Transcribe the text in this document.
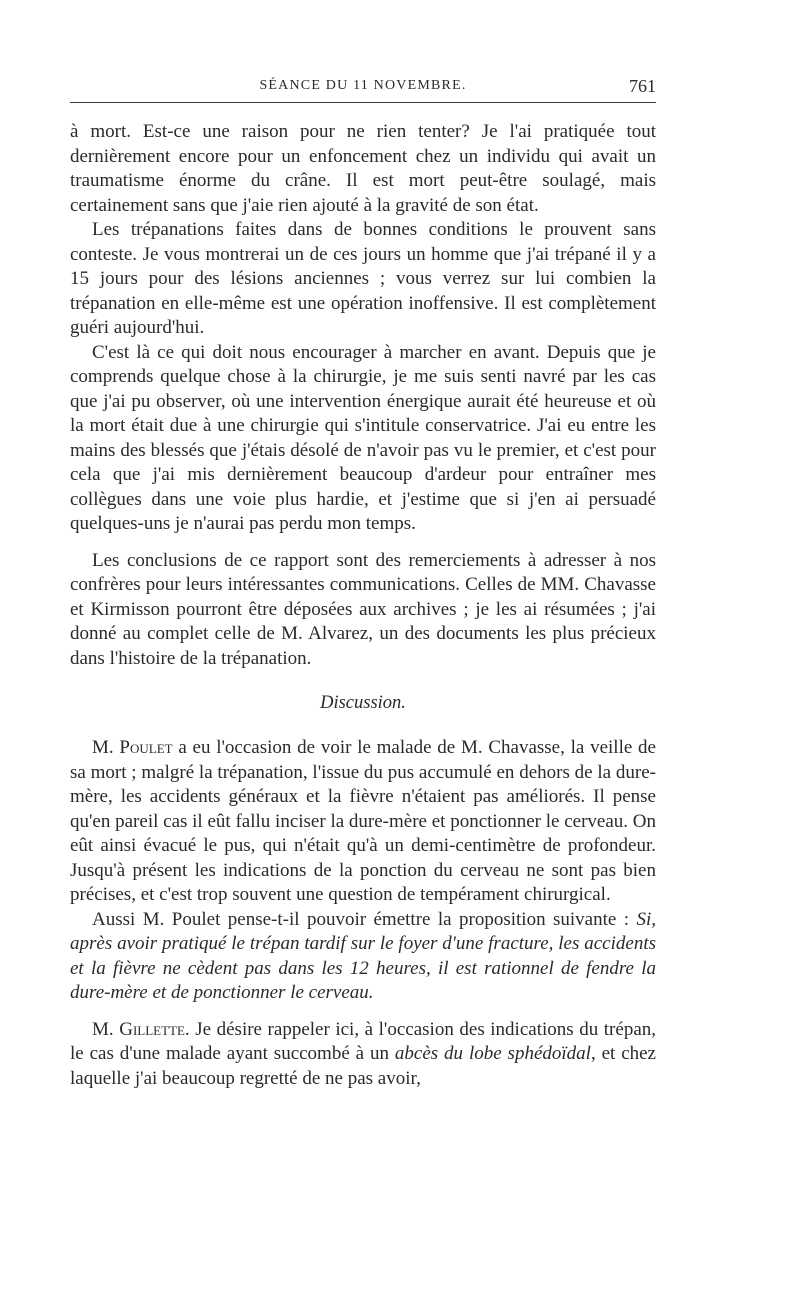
SÉANCE DU 11 NOVEMBRE.	761

à mort. Est-ce une raison pour ne rien tenter? Je l'ai pratiquée tout dernièrement encore pour un enfoncement chez un individu qui avait un traumatisme énorme du crâne. Il est mort peut-être soulagé, mais certainement sans que j'aie rien ajouté à la gravité de son état.

Les trépanations faites dans de bonnes conditions le prouvent sans conteste. Je vous montrerai un de ces jours un homme que j'ai trépané il y a 15 jours pour des lésions anciennes ; vous verrez sur lui combien la trépanation en elle-même est une opération inoffensive. Il est complètement guéri aujourd'hui.

C'est là ce qui doit nous encourager à marcher en avant. Depuis que je comprends quelque chose à la chirurgie, je me suis senti navré par les cas que j'ai pu observer, où une intervention énergique aurait été heureuse et où la mort était due à une chirurgie qui s'intitule conservatrice. J'ai eu entre les mains des blessés que j'étais désolé de n'avoir pas vu le premier, et c'est pour cela que j'ai mis dernièrement beaucoup d'ardeur pour entraîner mes collègues dans une voie plus hardie, et j'estime que si j'en ai persuadé quelques-uns je n'aurai pas perdu mon temps.

Les conclusions de ce rapport sont des remerciements à adresser à nos confrères pour leurs intéressantes communications. Celles de MM. Chavasse et Kirmisson pourront être déposées aux archives ; je les ai résumées ; j'ai donné au complet celle de M. Alvarez, un des documents les plus précieux dans l'histoire de la trépanation.

Discussion.

M. Poulet a eu l'occasion de voir le malade de M. Chavasse, la veille de sa mort ; malgré la trépanation, l'issue du pus accumulé en dehors de la dure-mère, les accidents généraux et la fièvre n'étaient pas améliorés. Il pense qu'en pareil cas il eût fallu inciser la dure-mère et ponctionner le cerveau. On eût ainsi évacué le pus, qui n'était qu'à un demi-centimètre de profondeur. Jusqu'à présent les indications de la ponction du cerveau ne sont pas bien précises, et c'est trop souvent une question de tempérament chirurgical.

Aussi M. Poulet pense-t-il pouvoir émettre la proposition suivante : Si, après avoir pratiqué le trépan tardif sur le foyer d'une fracture, les accidents et la fièvre ne cèdent pas dans les 12 heures, il est rationnel de fendre la dure-mère et de ponctionner le cerveau.

M. Gillette. Je désire rappeler ici, à l'occasion des indications du trépan, le cas d'une malade ayant succombé à un abcès du lobe sphédoïdal, et chez laquelle j'ai beaucoup regretté de ne pas avoir,
